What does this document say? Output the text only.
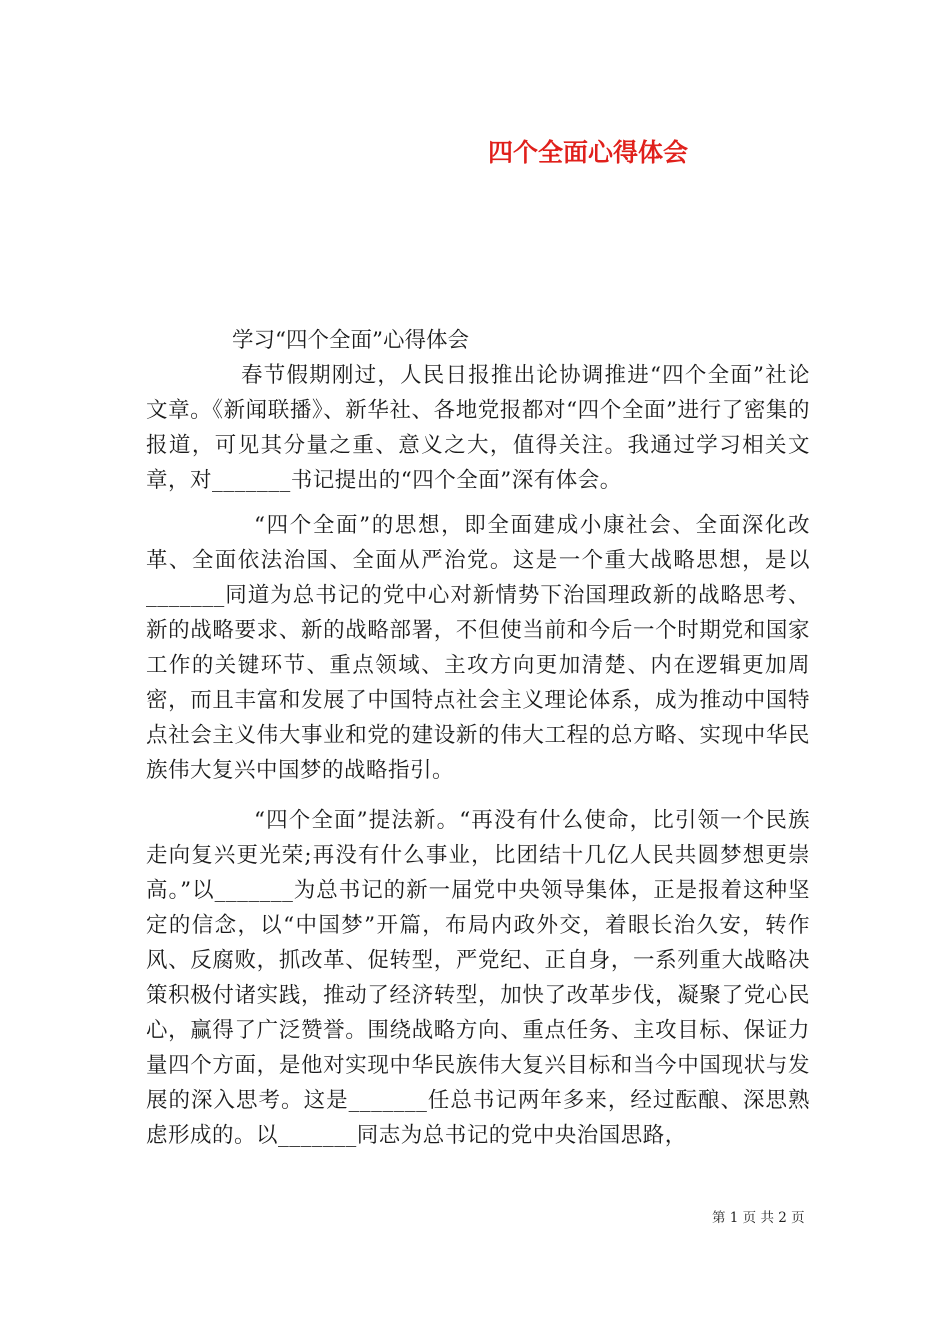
四个全面心得体会
学习“四个全面”心得体会

春节假期刚过，人民日报推出论协调推进“四个全面”社论文章。《新闻联播》、新华社、各地党报都对“四个全面”进行了密集的报道，可见其分量之重、意义之大，值得关注。我通过学习相关文章，对_______书记提出的“四个全面”深有体会。

“四个全面”的思想，即全面建成小康社会、全面深化改革、全面依法治国、全面从严治党。这是一个重大战略思想，是以_______同道为总书记的党中心对新情势下治国理政新的战略思考、新的战略要求、新的战略部署，不但使当前和今后一个时期党和国家工作的关键环节、重点领域、主攻方向更加清楚、内在逻辑更加周密，而且丰富和发展了中国特点社会主义理论体系，成为推动中国特点社会主义伟大事业和党的建设新的伟大工程的总方略、实现中华民族伟大复兴中国梦的战略指引。

“四个全面”提法新。“再没有什么使命，比引领一个民族走向复兴更光荣;再没有什么事业，比团结十几亿人民共圆梦想更崇高。”以_______为总书记的新一届党中央领导集体，正是报着这种坚定的信念，以“中国梦”开篇，布局内政外交，着眼长治久安，转作风、反腐败，抓改革、促转型，严党纪、正自身，一系列重大战略决策积极付诸实践，推动了经济转型，加快了改革步伐，凝聚了党心民心，赢得了广泛赞誉。围绕战略方向、重点任务、主攻目标、保证力量四个方面，是他对实现中华民族伟大复兴目标和当今中国现状与发展的深入思考。这是_______任总书记两年多来，经过酝酿、深思熟虑形成的。以_______同志为总书记的党中央治国思路，

第 1 页 共 2 页
